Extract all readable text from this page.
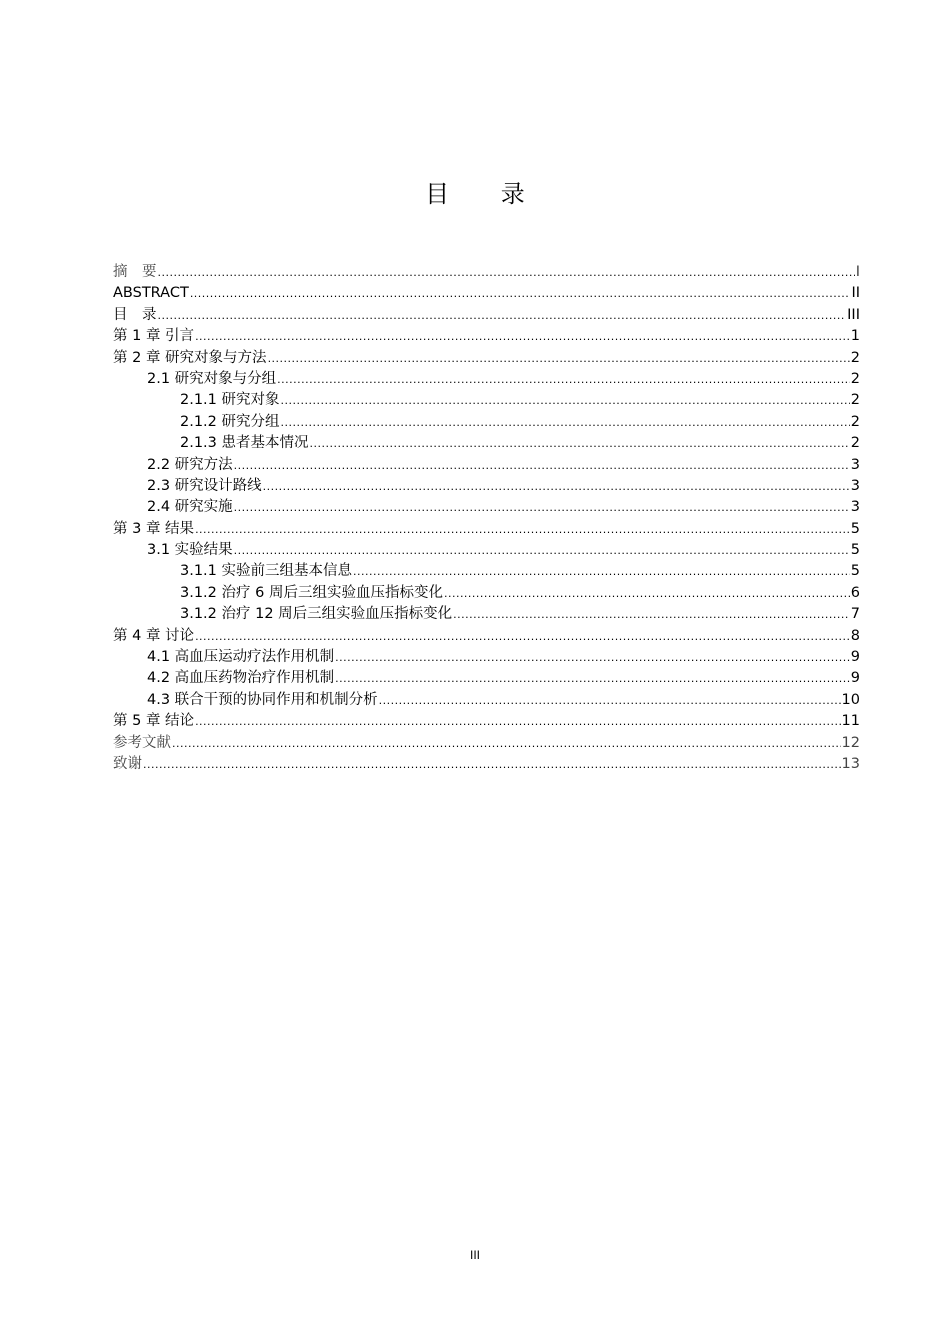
目 录
摘　要 .....	I
ABSTRACT .....	II
目　录 .....	III
第 1 章 引言 .....	1
第 2 章 研究对象与方法 .....	2
2.1 研究对象与分组 .....	2
2.1.1 研究对象 .....	2
2.1.2 研究分组 .....	2
2.1.3 患者基本情况 .....	2
2.2 研究方法 .....	3
2.3 研究设计路线 .....	3
2.4 研究实施 .....	3
第 3 章 结果 .....	5
3.1 实验结果 .....	5
3.1.1 实验前三组基本信息 .....	5
3.1.2 治疗 6 周后三组实验血压指标变化 .....	6
3.1.2 治疗 12 周后三组实验血压指标变化 .....	7
第 4 章 讨论 .....	8
4.1 高血压运动疗法作用机制 .....	9
4.2 高血压药物治疗作用机制 .....	9
4.3 联合干预的协同作用和机制分析 .....	10
第 5 章 结论 .....	11
参考文献 .....	12
致谢 .....	13
III
